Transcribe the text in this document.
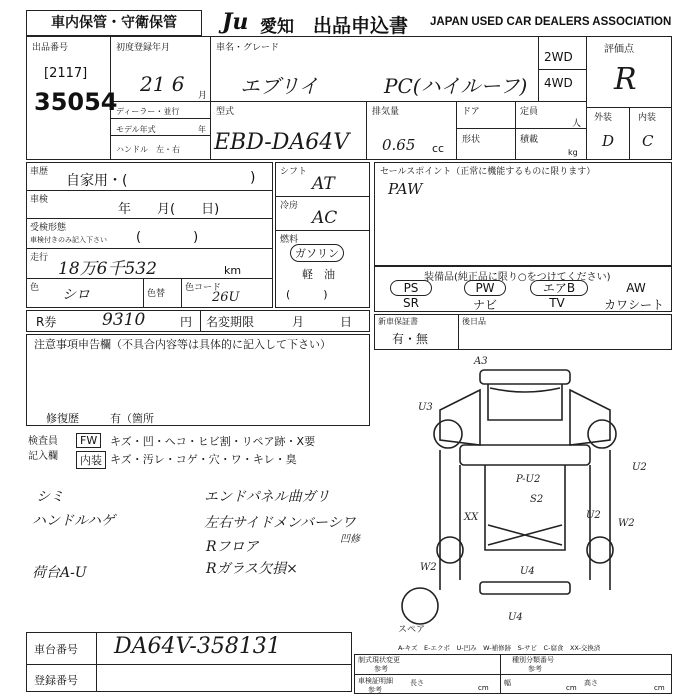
車内保管・守衛保管	Ju 愛知 出品申込書 JAPAN USED CAR DEALERS ASSOCIATION
出品番号
[2117]
35054
初度登録年月
21 6 月
車名・グレード
エブリイ	PC(ハイルーフ)
2WD
4WD
評価点
R
外装	内装
D C
ディーラー・並行
モデル年式	年
ハンドル　左・右
型式
EBD-DA64V
排気量
0.65 cc
ドア	定員
人
形状	積載
kg
車歴
自家用・(	)
車検
年　　月(　　日)
受検形態
車検付きのみ記入下さい (　　　　)
走行
18万6千532	km
色 シロ	色替
色コード
26U
シフト
AT
冷房
AC
燃料
ガソリン
軽　油
(　　　)
セールスポイント（正常に機能するものに限ります）
PAW
装備品(純正品に限り○をつけてください)
PS	PW	エアB	AW
SR	ナビ	TV	カワシート
R券	9310	円 名変期限	月　　　日	新車保証書
有・無
後日品
注意事項申告欄（不具合内容等は具体的に記入して下さい）
修復歴	有（箇所
検査員記入欄
FW	キズ・凹・ヘコ・ヒビ割・リペア跡・X要
内装 キズ・汚レ・コゲ・穴・ワ・キレ・臭
シミ
ハンドルハゲ
荷台A-U
エンドパネル曲ガリ
左右サイドメンバーシワ
凹修
Rフロア
Rガラス欠損×
A3
U3
P-U2
S2
XX	U2
W2	U4
U4
W2
U2
スペア
A-キズ　E-エクボ　U-凹み　W-補修跡　S-サビ　C-腐食　XX-交換済
車台番号 DA64V-358131
登録番号
制式現状変更
参考
車検証明細
参考
長さ
cm
幅
cm
高さ
cm
種別分類番号
参考
